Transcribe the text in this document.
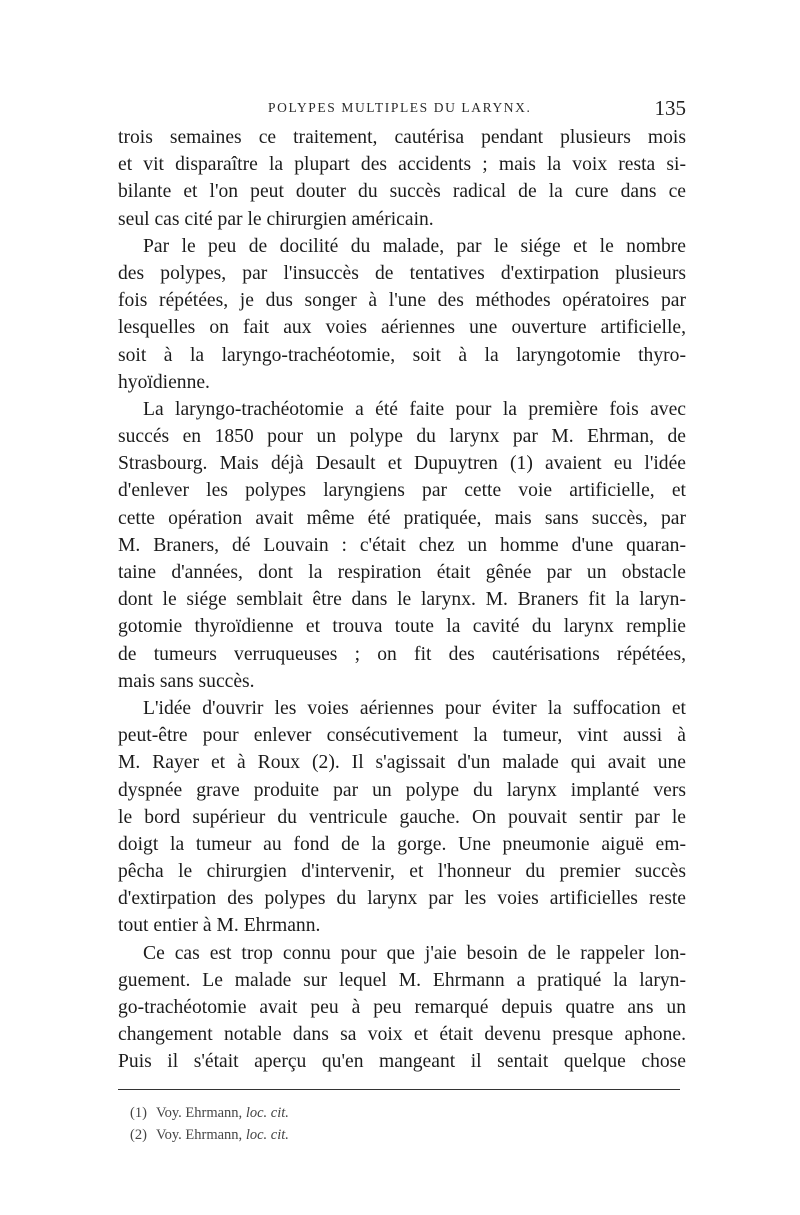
POLYPES MULTIPLES DU LARYNX.	135
trois semaines ce traitement, cautérisa pendant plusieurs mois
et vit disparaître la plupart des accidents ; mais la voix resta si-
bilante et l'on peut douter du succès radical de la cure dans ce
seul cas cité par le chirurgien américain.
Par le peu de docilité du malade, par le siége et le nombre
des polypes, par l'insuccès de tentatives d'extirpation plusieurs
fois répétées, je dus songer à l'une des méthodes opératoires par
lesquelles on fait aux voies aériennes une ouverture artificielle,
soit à la laryngo-trachéotomie, soit à la laryngotomie thyro-
hyoïdienne.
La laryngo-trachéotomie a été faite pour la première fois avec
succés en 1850 pour un polype du larynx par M. Ehrman, de
Strasbourg. Mais déjà Desault et Dupuytren (1) avaient eu l'idée
d'enlever les polypes laryngiens par cette voie artificielle, et
cette opération avait même été pratiquée, mais sans succès, par
M. Braners, dé Louvain : c'était chez un homme d'une quaran-
taine d'années, dont la respiration était gênée par un obstacle
dont le siége semblait être dans le larynx. M. Braners fit la laryn-
gotomie thyroïdienne et trouva toute la cavité du larynx remplie
de tumeurs verruqueuses ; on fit des cautérisations répétées,
mais sans succès.
L'idée d'ouvrir les voies aériennes pour éviter la suffocation et
peut-être pour enlever consécutivement la tumeur, vint aussi à
M. Rayer et à Roux (2). Il s'agissait d'un malade qui avait une
dyspnée grave produite par un polype du larynx implanté vers
le bord supérieur du ventricule gauche. On pouvait sentir par le
doigt la tumeur au fond de la gorge. Une pneumonie aiguë em-
pêcha le chirurgien d'intervenir, et l'honneur du premier succès
d'extirpation des polypes du larynx par les voies artificielles reste
tout entier à M. Ehrmann.
Ce cas est trop connu pour que j'aie besoin de le rappeler lon-
guement. Le malade sur lequel M. Ehrmann a pratiqué la laryn-
go-trachéotomie avait peu à peu remarqué depuis quatre ans un
changement notable dans sa voix et était devenu presque aphone.
Puis il s'était aperçu qu'en mangeant il sentait quelque chose
(1) Voy. Ehrmann, loc. cit.
(2) Voy. Ehrmann, loc. cit.
